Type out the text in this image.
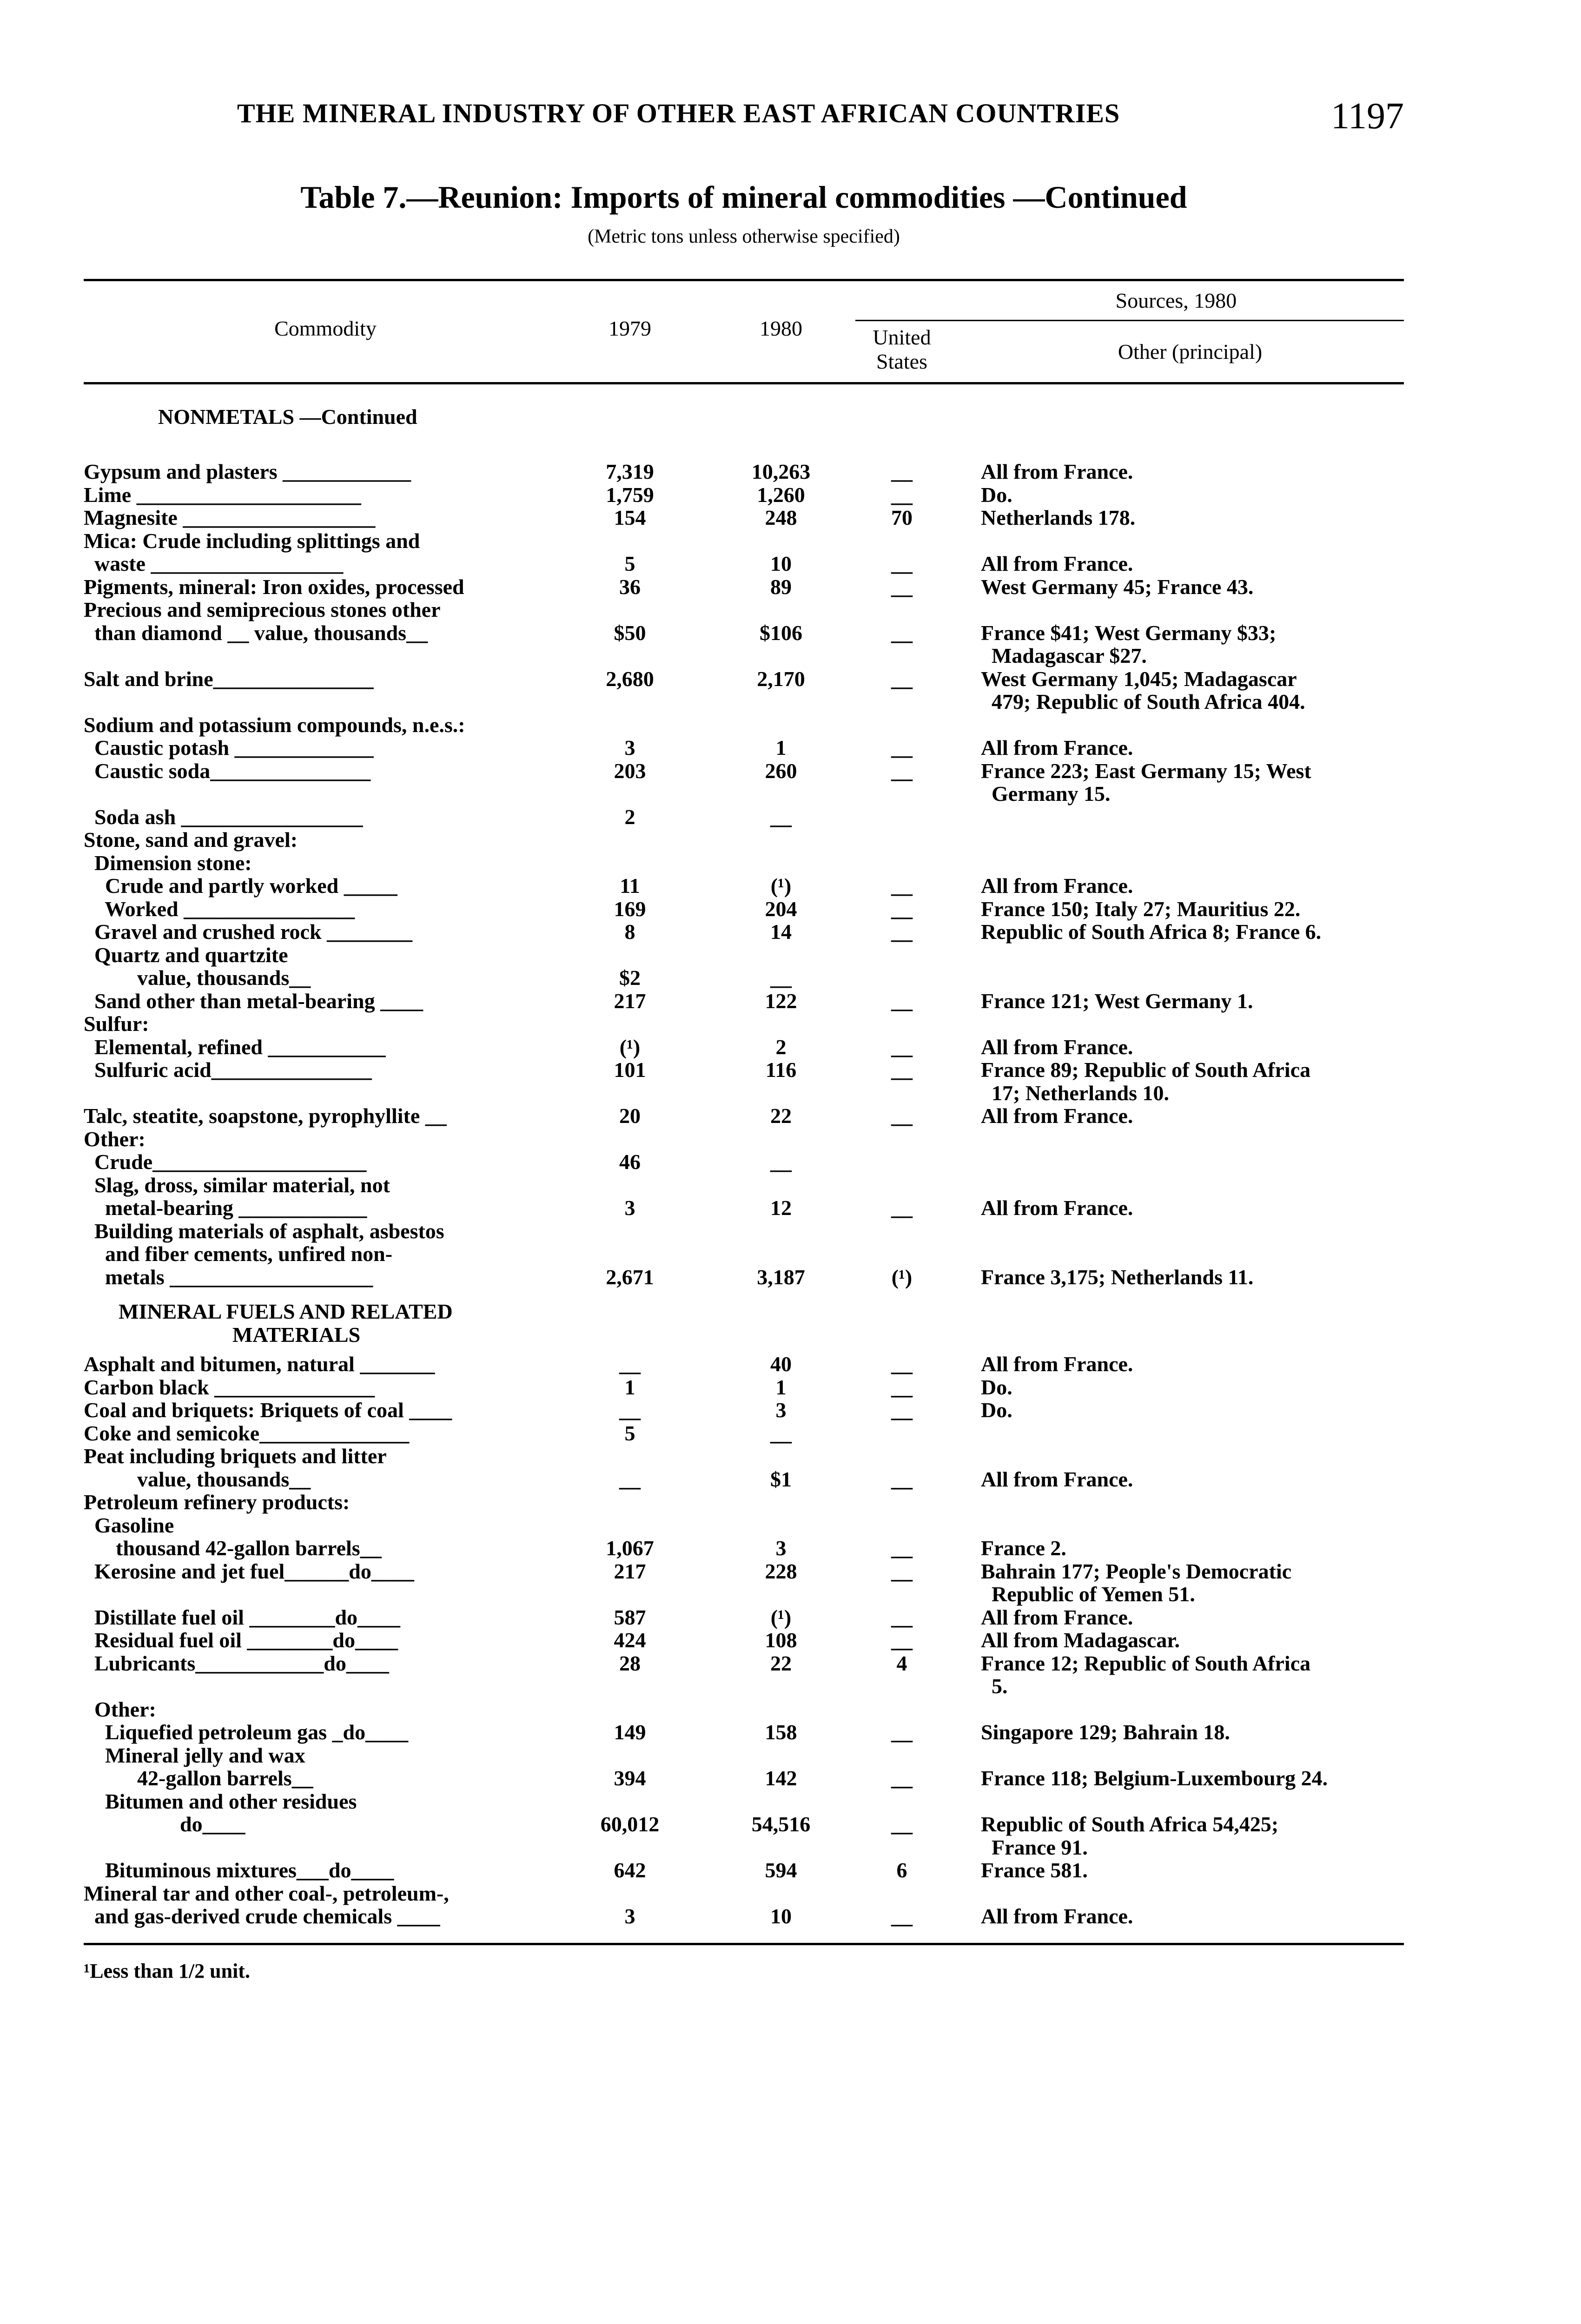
THE MINERAL INDUSTRY OF OTHER EAST AFRICAN COUNTRIES	1197
Table 7.—Reunion: Imports of mineral commodities —Continued
(Metric tons unless otherwise specified)
Commodity	1979	1980
Sources, 1980
United States	Other (principal)
NONMETALS —Continued
Gypsum and plasters ____________	7,319	10,263	__	All from France.
Lime _____________________	1,759	1,260	__	Do.
Magnesite __________________	154	248	70	Netherlands 178.
Mica: Crude including splittings and
waste __________________	5	10	__	All from France.
Pigments, mineral: Iron oxides, processed	36	89	__	West Germany 45; France 43.
Precious and semiprecious stones other
than diamond __ value, thousands__	$50	$106	__	France $41; West Germany $33;
Madagascar $27.
Salt and brine_______________	2,680	2,170	__	West Germany 1,045; Madagascar
479; Republic of South Africa 404.
Sodium and potassium compounds, n.e.s.:
Caustic potash _____________	3	1	__	All from France.
Caustic soda_______________	203	260	__	France 223; East Germany 15; West
Germany 15.
Soda ash _________________	2	__
Stone, sand and gravel:
Dimension stone:
Crude and partly worked _____	11	(¹)	__	All from France.
Worked ________________	169	204	__	France 150; Italy 27; Mauritius 22.
Gravel and crushed rock ________	8	14	__	Republic of South Africa 8; France 6.
Quartz and quartzite
value, thousands__	$2	__
Sand other than metal-bearing ____	217	122	__	France 121; West Germany 1.
Sulfur:
Elemental, refined ___________	(¹)	2	__	All from France.
Sulfuric acid_______________	101	116	__	France 89; Republic of South Africa
17; Netherlands 10.
Talc, steatite, soapstone, pyrophyllite __	20	22	__	All from France.
Other:
Crude____________________	46	__
Slag, dross, similar material, not
metal-bearing ____________	3	12	__	All from France.
Building materials of asphalt, asbestos
and fiber cements, unfired non-
metals ___________________	2,671	3,187	(¹)	France 3,175; Netherlands 11.
MINERAL FUELS AND RELATED
MATERIALS
Asphalt and bitumen, natural _______	__	40	__	All from France.
Carbon black _______________	1	1	__	Do.
Coal and briquets: Briquets of coal ____	__	3	__	Do.
Coke and semicoke______________	5	__
Peat including briquets and litter
value, thousands__	__	$1	__	All from France.
Petroleum refinery products:
Gasoline
thousand 42-gallon barrels__	1,067	3	__	France 2.
Kerosine and jet fuel______do____	217	228	__	Bahrain 177; People's Democratic
Republic of Yemen 51.
Distillate fuel oil ________do____	587	(¹)	__	All from France.
Residual fuel oil ________do____	424	108	__	All from Madagascar.
Lubricants____________do____	28	22	4	France 12; Republic of South Africa
5.
Other:
Liquefied petroleum gas _do____	149	158	__	Singapore 129; Bahrain 18.
Mineral jelly and wax
42-gallon barrels__	394	142	__	France 118; Belgium-Luxembourg 24.
Bitumen and other residues
do____	60,012	54,516	__	Republic of South Africa 54,425;
France 91.
Bituminous mixtures___do____	642	594	6	France 581.
Mineral tar and other coal-, petroleum-,
and gas-derived crude chemicals ____	3	10	__	All from France.
¹Less than 1/2 unit.
